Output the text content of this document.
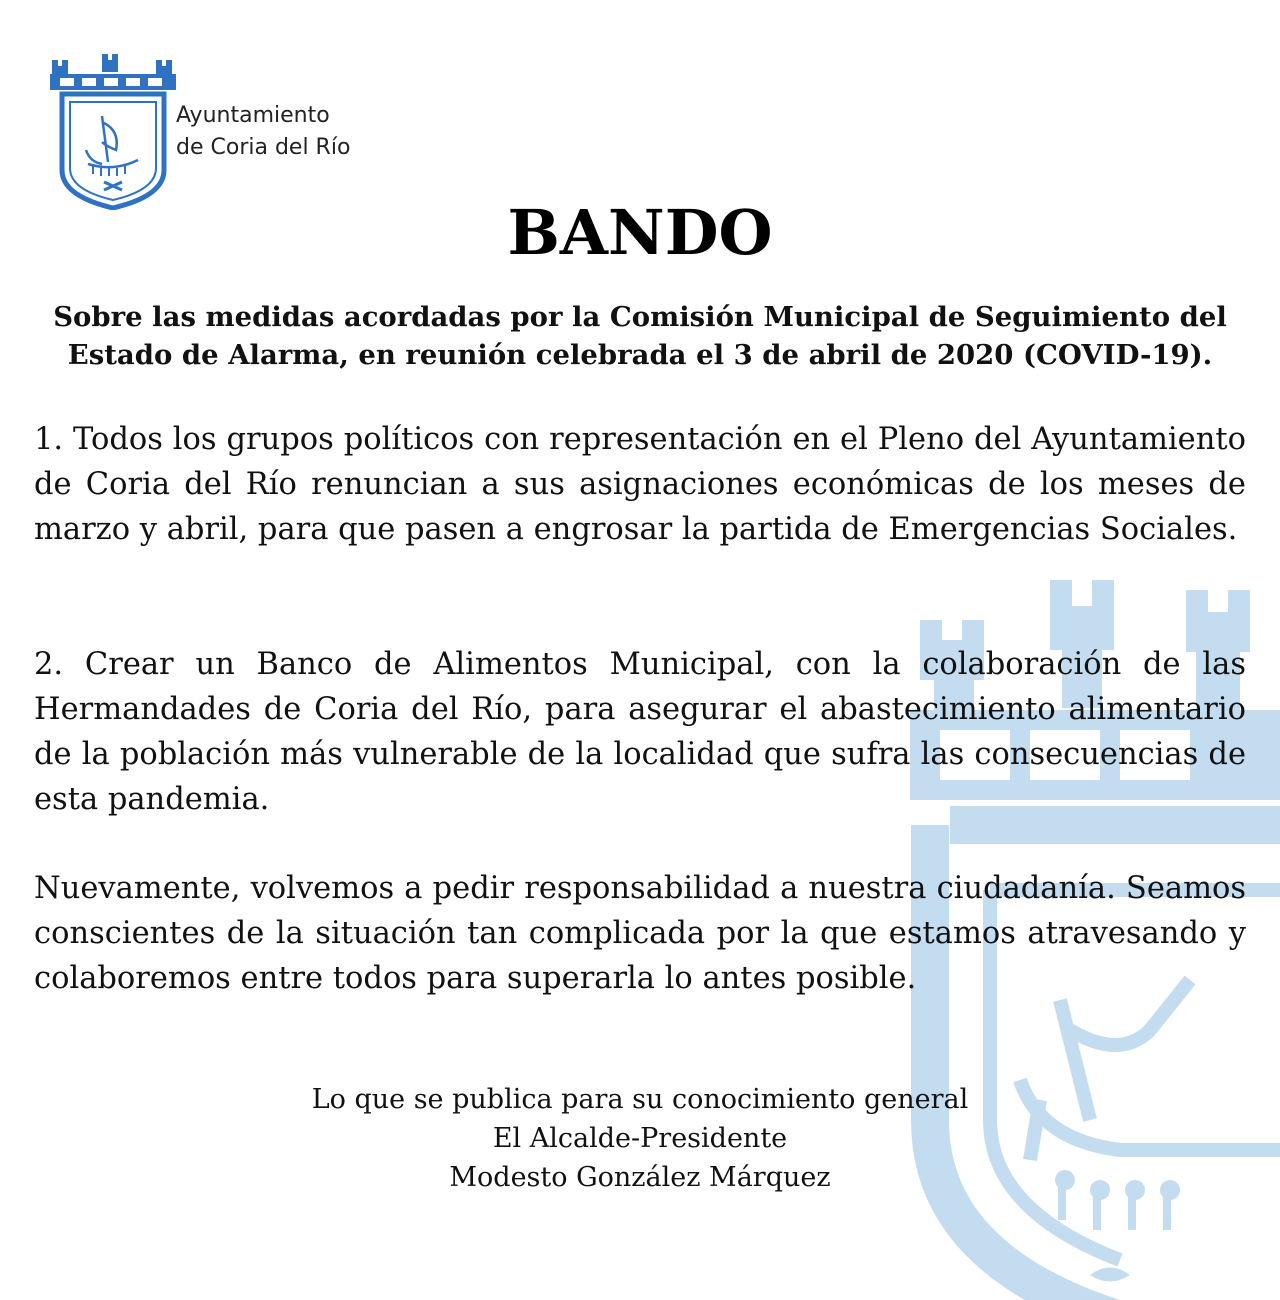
Ayuntamiento
de Coria del Río
BANDO
Sobre las medidas acordadas por la Comisión Municipal de Seguimiento del Estado de Alarma, en reunión celebrada el 3 de abril de 2020 (COVID-19).
1. Todos los grupos políticos con representación en el Pleno del Ayuntamiento de Coria del Río renuncian a sus asignaciones económicas de los meses de marzo y abril, para que pasen a engrosar la partida de Emergencias Sociales.
2. Crear un Banco de Alimentos Municipal, con la colaboración de las Hermandades de Coria del Río, para asegurar el abastecimiento alimentario de la población más vulnerable de la localidad que sufra las consecuencias de esta pandemia.
Nuevamente, volvemos a pedir responsabilidad a nuestra ciudadanía. Seamos conscientes de la situación tan complicada por la que estamos atravesando y colaboremos entre todos para superarla lo antes posible.
Lo que se publica para su conocimiento general
El Alcalde-Presidente
Modesto González Márquez
